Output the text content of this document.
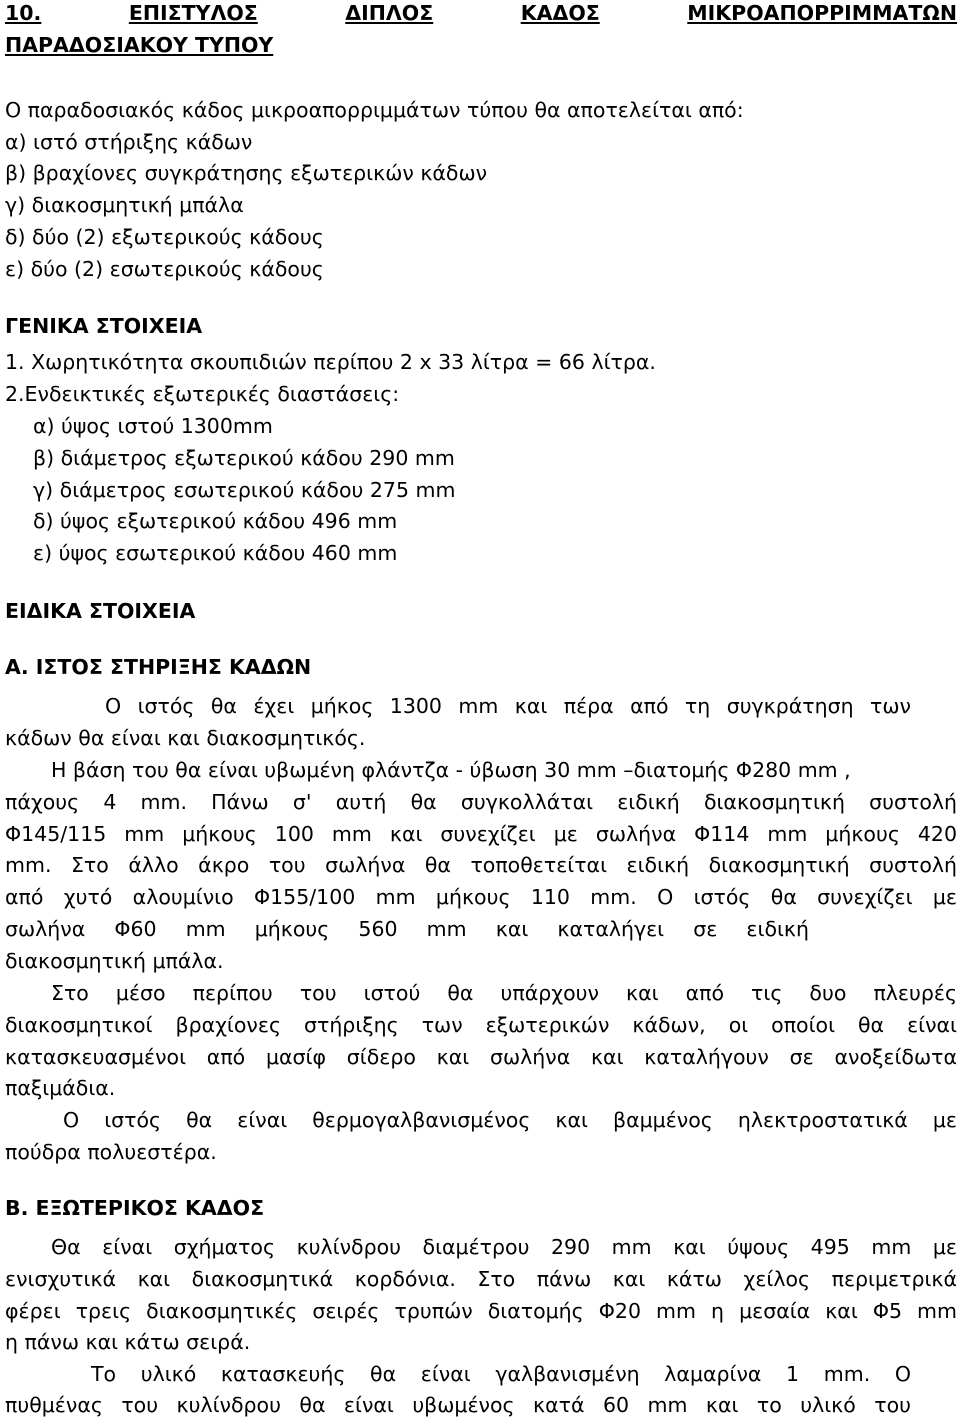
10.	ΕΠΙΣΤΥΛΟΣ	ΔΙΠΛΟΣ	ΚΑΔΟΣ	ΜΙΚΡΟΑΠΟΡΡΙΜΜΑΤΩΝ
ΠΑΡΑΔΟΣΙΑΚΟΥ ΤΥΠΟΥ
Ο παραδοσιακός κάδος μικροαπορριμμάτων τύπου θα αποτελείται από:
α) ιστό στήριξης κάδων
β) βραχίονες συγκράτησης εξωτερικών κάδων
γ) διακοσμητική μπάλα
δ) δύο (2) εξωτερικούς κάδους
ε) δύο (2) εσωτερικούς κάδους
ΓΕΝΙΚΑ ΣΤΟΙΧΕΙΑ
1. Χωρητικότητα σκουπιδιών περίπου 2 x 33 λίτρα = 66 λίτρα.
2.Ενδεικτικές εξωτερικές διαστάσεις:
α) ύψος ιστού 1300mm
β) διάμετρος εξωτερικού κάδου 290 mm
γ) διάμετρος εσωτερικού κάδου 275 mm
δ) ύψος εξωτερικού κάδου 496 mm
ε) ύψος εσωτερικού κάδου 460 mm
ΕΙΔΙΚΑ ΣΤΟΙΧΕΙΑ
Α. ΙΣΤΟΣ ΣΤΗΡΙΞΗΣ ΚΑΔΩΝ
Ο ιστός θα έχει μήκος 1300 mm και πέρα από τη συγκράτηση των
κάδων θα είναι και διακοσμητικός.
Η βάση του θα είναι υβωμένη φλάντζα - ύβωση 30 mm –διατομής Φ280 mm ,
πάχους 4 mm. Πάνω σ' αυτή θα συγκολλάται ειδική διακοσμητική συστολή
Φ145/115 mm μήκους 100 mm και συνεχίζει με σωλήνα Φ114 mm μήκους 420
mm. Στο άλλο άκρο του σωλήνα θα τοποθετείται ειδική διακοσμητική συστολή
από χυτό αλουμίνιο Φ155/100 mm μήκους 110 mm. Ο ιστός θα συνεχίζει με
σωλήνα Φ60 mm μήκους 560 mm και καταλήγει σε ειδική
διακοσμητική μπάλα.
Στο μέσο περίπου του ιστού θα υπάρχουν και από τις δυο πλευρές
διακοσμητικοί βραχίονες στήριξης των εξωτερικών κάδων, οι οποίοι θα είναι
κατασκευασμένοι από μασίφ σίδερο και σωλήνα και καταλήγουν σε ανοξείδωτα
παξιμάδια.
Ο ιστός θα είναι θερμογαλβανισμένος και βαμμένος ηλεκτροστατικά με
πούδρα πολυεστέρα.
Β. ΕΞΩΤΕΡΙΚΟΣ ΚΑΔΟΣ
Θα είναι σχήματος κυλίνδρου διαμέτρου 290 mm και ύψους 495 mm με
ενισχυτικά και διακοσμητικά κορδόνια. Στο πάνω και κάτω χείλος περιμετρικά
φέρει τρεις διακοσμητικές σειρές τρυπών διατομής Φ20 mm η μεσαία και Φ5 mm
η πάνω και κάτω σειρά.
Το υλικό κατασκευής θα είναι γαλβανισμένη λαμαρίνα 1 mm. Ο
πυθμένας του κυλίνδρου θα είναι υβωμένος κατά 60 mm και το υλικό του
